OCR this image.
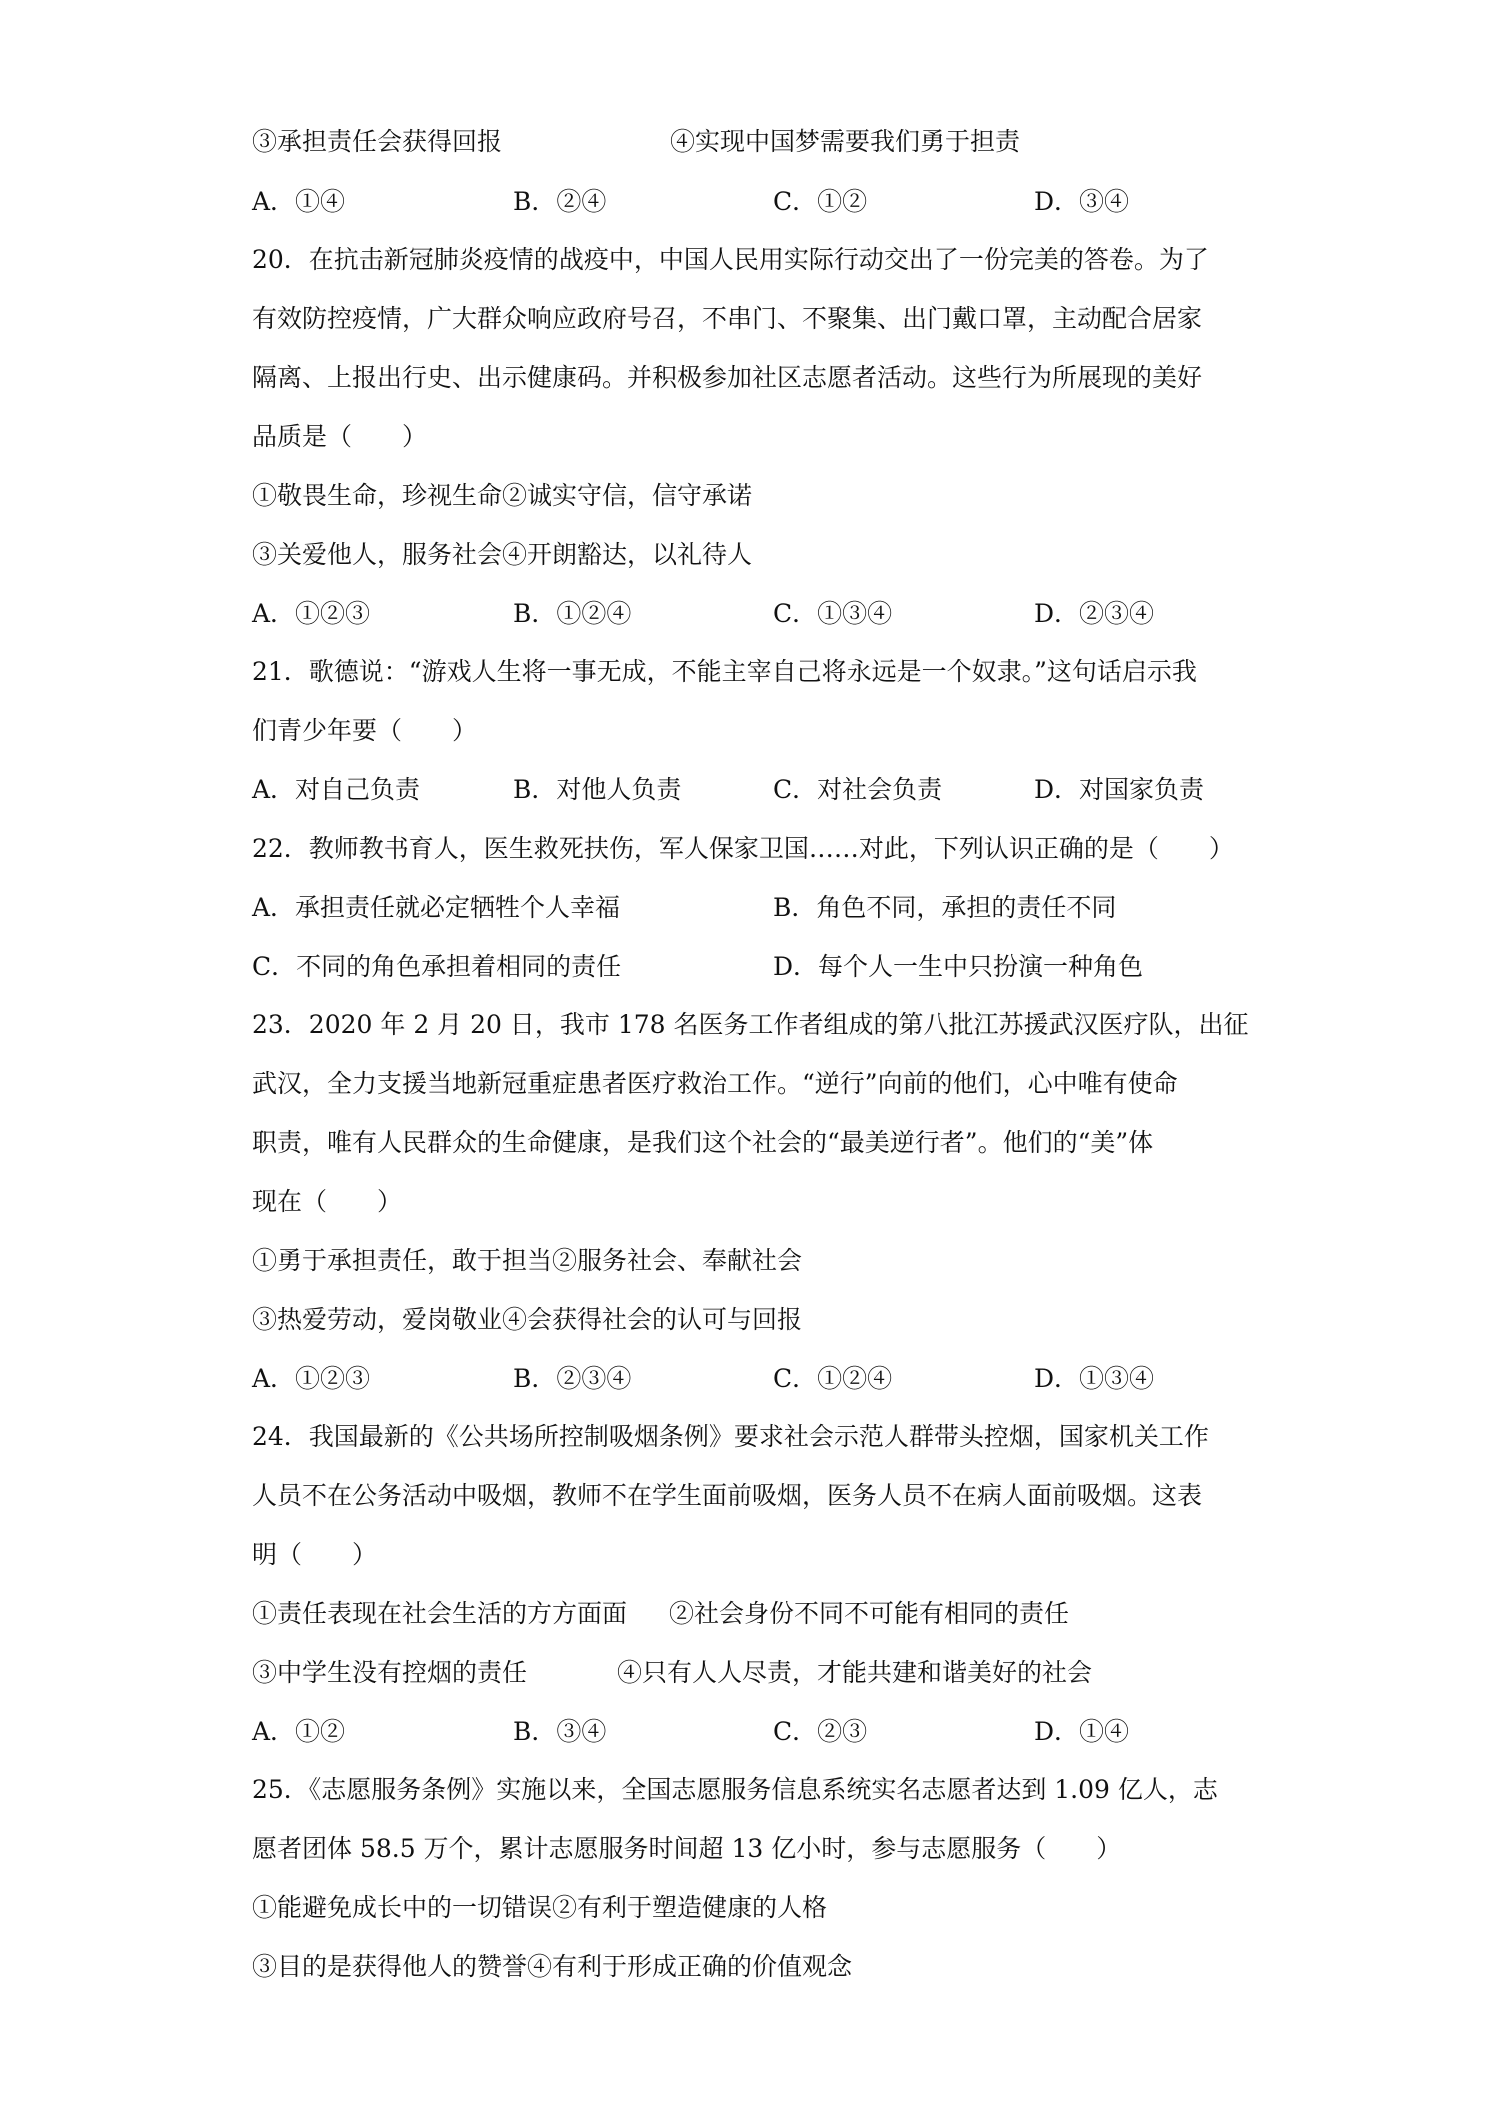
③承担责任会获得回报	④实现中国梦需要我们勇于担责
A．①④	B．②④	C．①②	D．③④
20．在抗击新冠肺炎疫情的战疫中，中国人民用实际行动交出了一份完美的答卷。为了
有效防控疫情，广大群众响应政府号召，不串门、不聚集、出门戴口罩，主动配合居家
隔离、上报出行史、出示健康码。并积极参加社区志愿者活动。这些行为所展现的美好
品质是（　　）
①敬畏生命，珍视生命②诚实守信，信守承诺
③关爱他人，服务社会④开朗豁达，以礼待人
A．①②③	B．①②④	C．①③④	D．②③④
21．歌德说：“游戏人生将一事无成，不能主宰自己将永远是一个奴隶。”这句话启示我
们青少年要（　　）
A．对自己负责	B．对他人负责	C．对社会负责	D．对国家负责
22．教师教书育人，医生救死扶伤，军人保家卫国……对此，下列认识正确的是（　　）
A．承担责任就必定牺牲个人幸福	B．角色不同，承担的责任不同
C．不同的角色承担着相同的责任	D．每个人一生中只扮演一种角色
23．2020 年 2 月 20 日，我市 178 名医务工作者组成的第八批江苏援武汉医疗队，出征
武汉，全力支援当地新冠重症患者医疗救治工作。“逆行”向前的他们，心中唯有使命
职责，唯有人民群众的生命健康，是我们这个社会的“最美逆行者”。他们的“美”体
现在（　　）
①勇于承担责任，敢于担当②服务社会、奉献社会
③热爱劳动，爱岗敬业④会获得社会的认可与回报
A．①②③	B．②③④	C．①②④	D．①③④
24．我国最新的《公共场所控制吸烟条例》要求社会示范人群带头控烟，国家机关工作
人员不在公务活动中吸烟，教师不在学生面前吸烟，医务人员不在病人面前吸烟。这表
明（　　）
①责任表现在社会生活的方方面面 ②社会身份不同不可能有相同的责任
③中学生没有控烟的责任	④只有人人尽责，才能共建和谐美好的社会
A．①②	B．③④	C．②③	D．①④
25．《志愿服务条例》实施以来，全国志愿服务信息系统实名志愿者达到 1.09 亿人，志
愿者团体 58.5 万个，累计志愿服务时间超 13 亿小时，参与志愿服务（　　）
①能避免成长中的一切错误②有利于塑造健康的人格
③目的是获得他人的赞誉④有利于形成正确的价值观念
